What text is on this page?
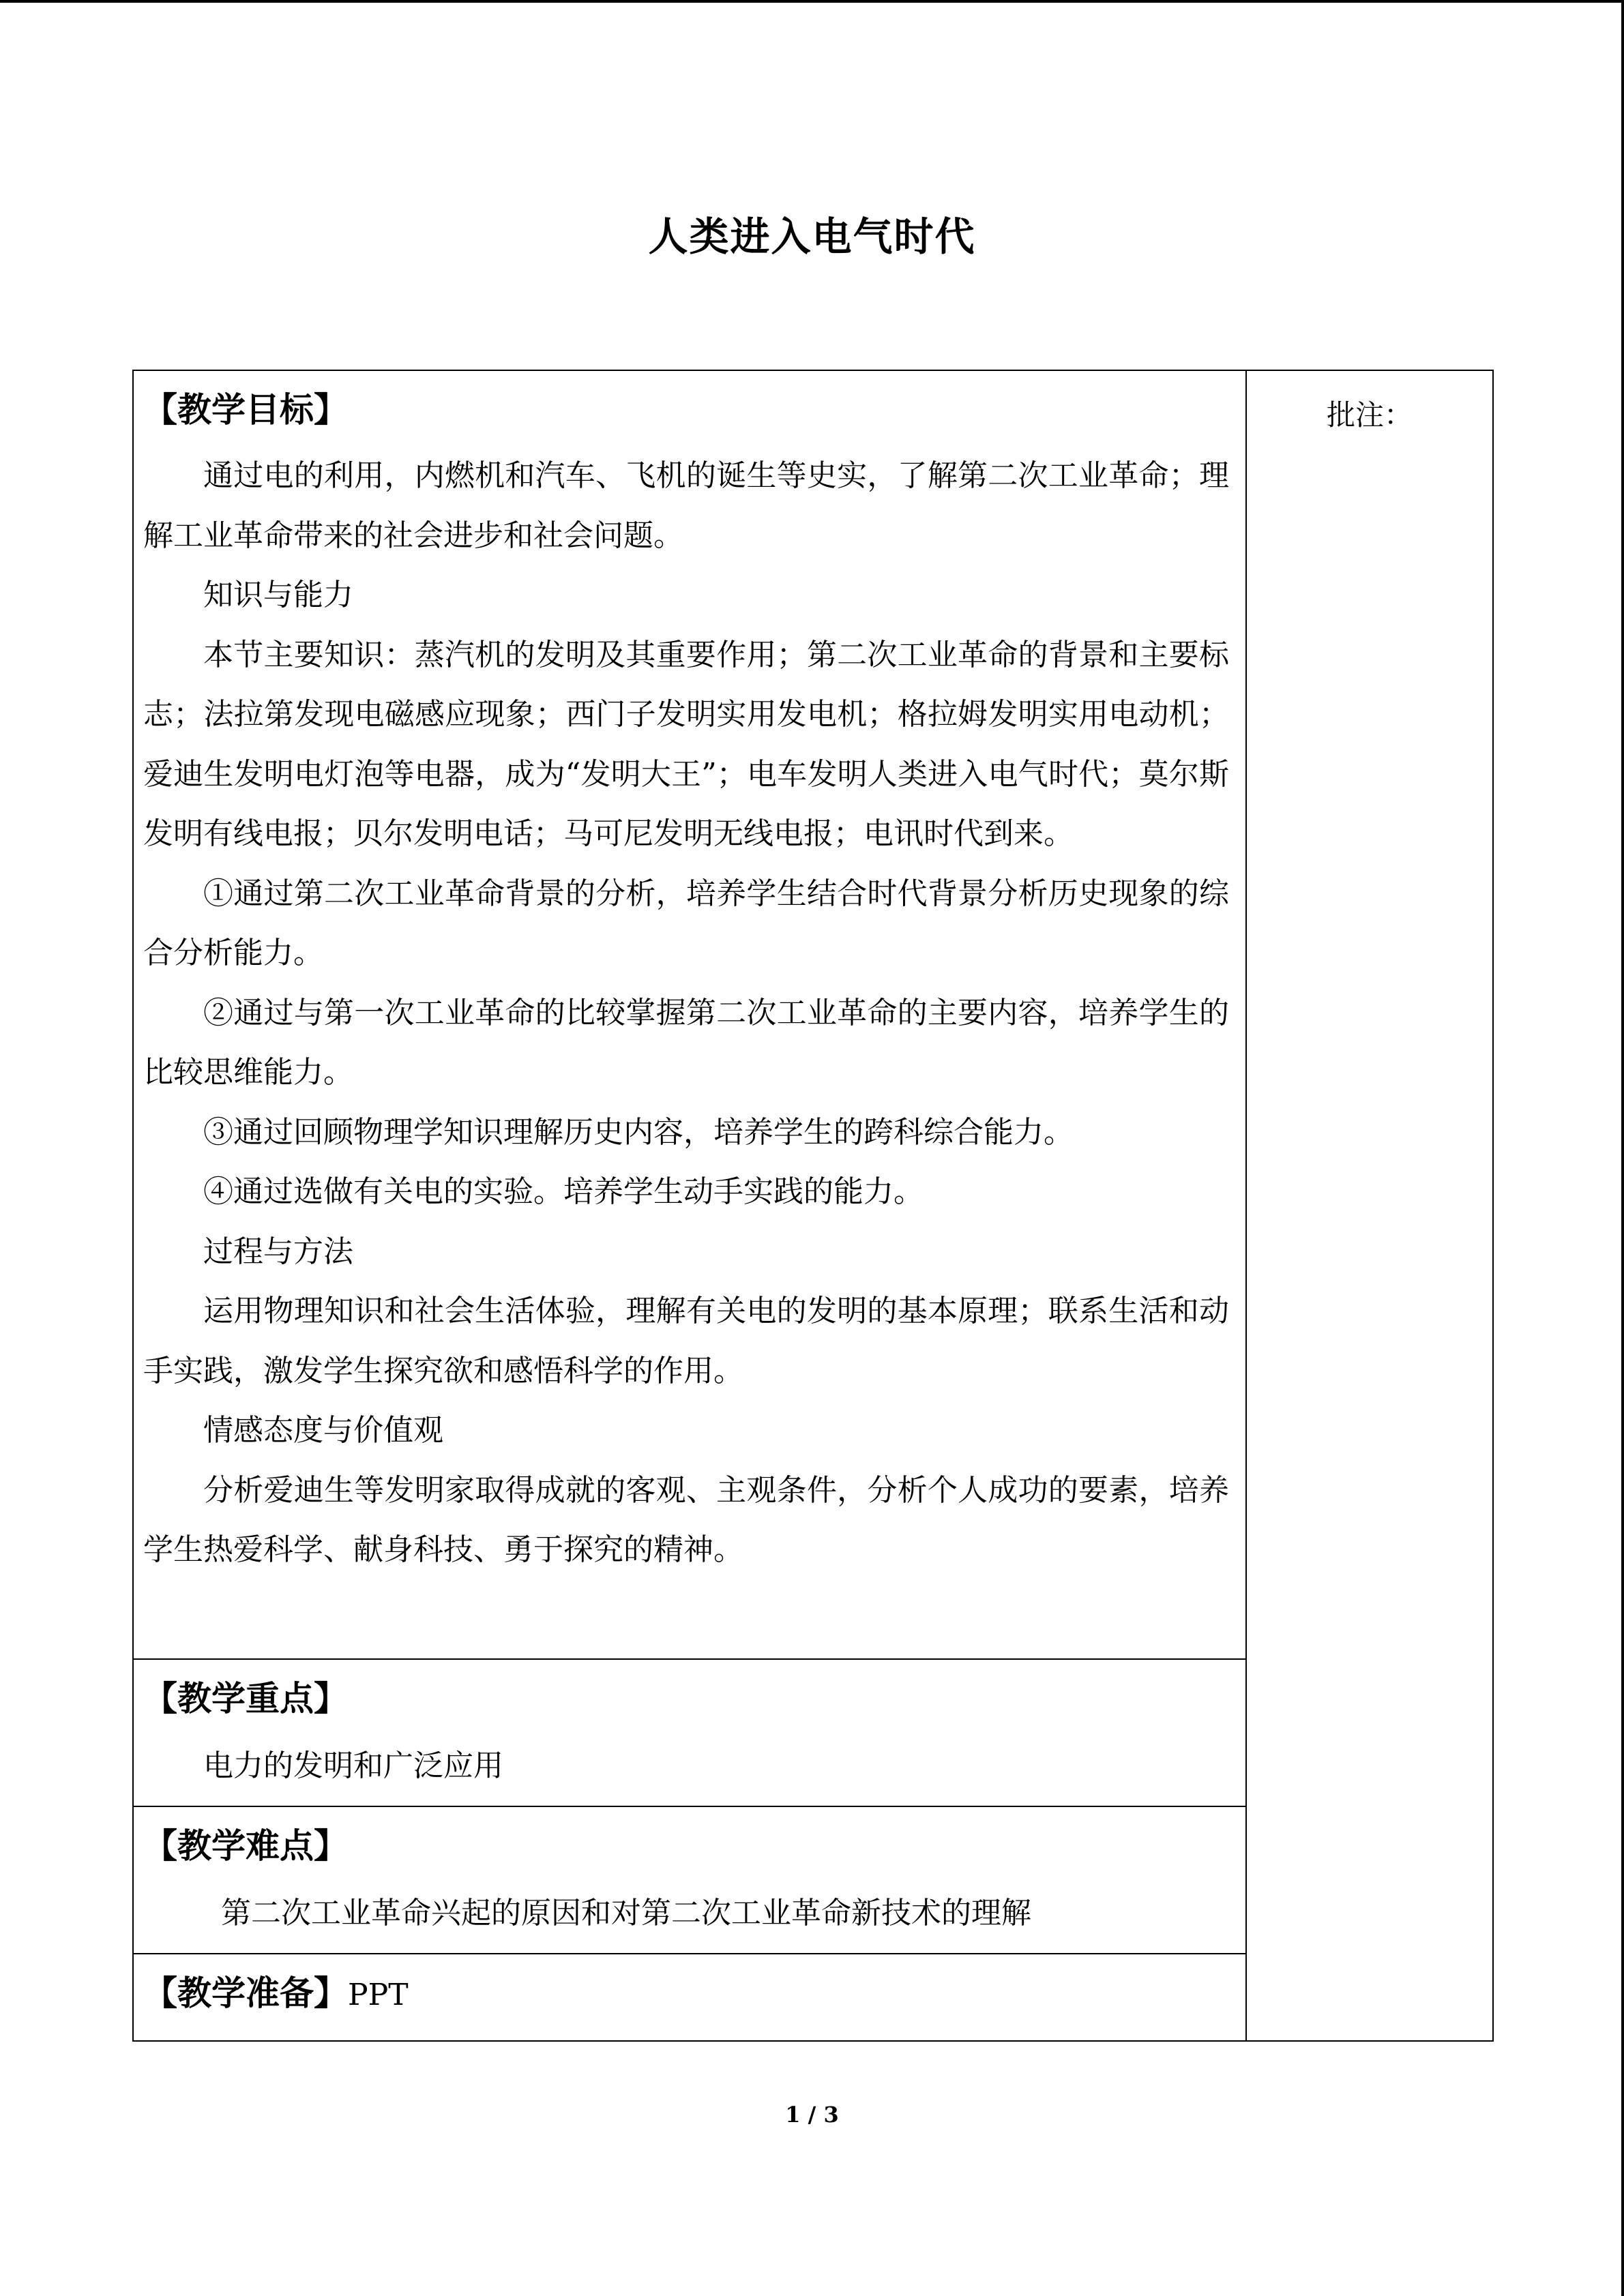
人类进入电气时代
【教学目标】

通过电的利用，内燃机和汽车、飞机的诞生等史实，了解第二次工业革命；理解工业革命带来的社会进步和社会问题。

知识与能力

本节主要知识：蒸汽机的发明及其重要作用；第二次工业革命的背景和主要标志；法拉第发现电磁感应现象；西门子发明实用发电机；格拉姆发明实用电动机；爱迪生发明电灯泡等电器，成为“发明大王”；电车发明人类进入电气时代；莫尔斯发明有线电报；贝尔发明电话；马可尼发明无线电报；电讯时代到来。

①通过第二次工业革命背景的分析，培养学生结合时代背景分析历史现象的综合分析能力。

②通过与第一次工业革命的比较掌握第二次工业革命的主要内容，培养学生的比较思维能力。

③通过回顾物理学知识理解历史内容，培养学生的跨科综合能力。

④通过选做有关电的实验。培养学生动手实践的能力。

过程与方法

运用物理知识和社会生活体验，理解有关电的发明的基本原理；联系生活和动手实践，激发学生探究欲和感悟科学的作用。

情感态度与价值观

分析爱迪生等发明家取得成就的客观、主观条件，分析个人成功的要素，培养学生热爱科学、献身科技、勇于探究的精神。

批注：

【教学重点】
电力的发明和广泛应用

【教学难点】
第二次工业革命兴起的原因和对第二次工业革命新技术的理解

【教学准备】PPT
1 / 3
